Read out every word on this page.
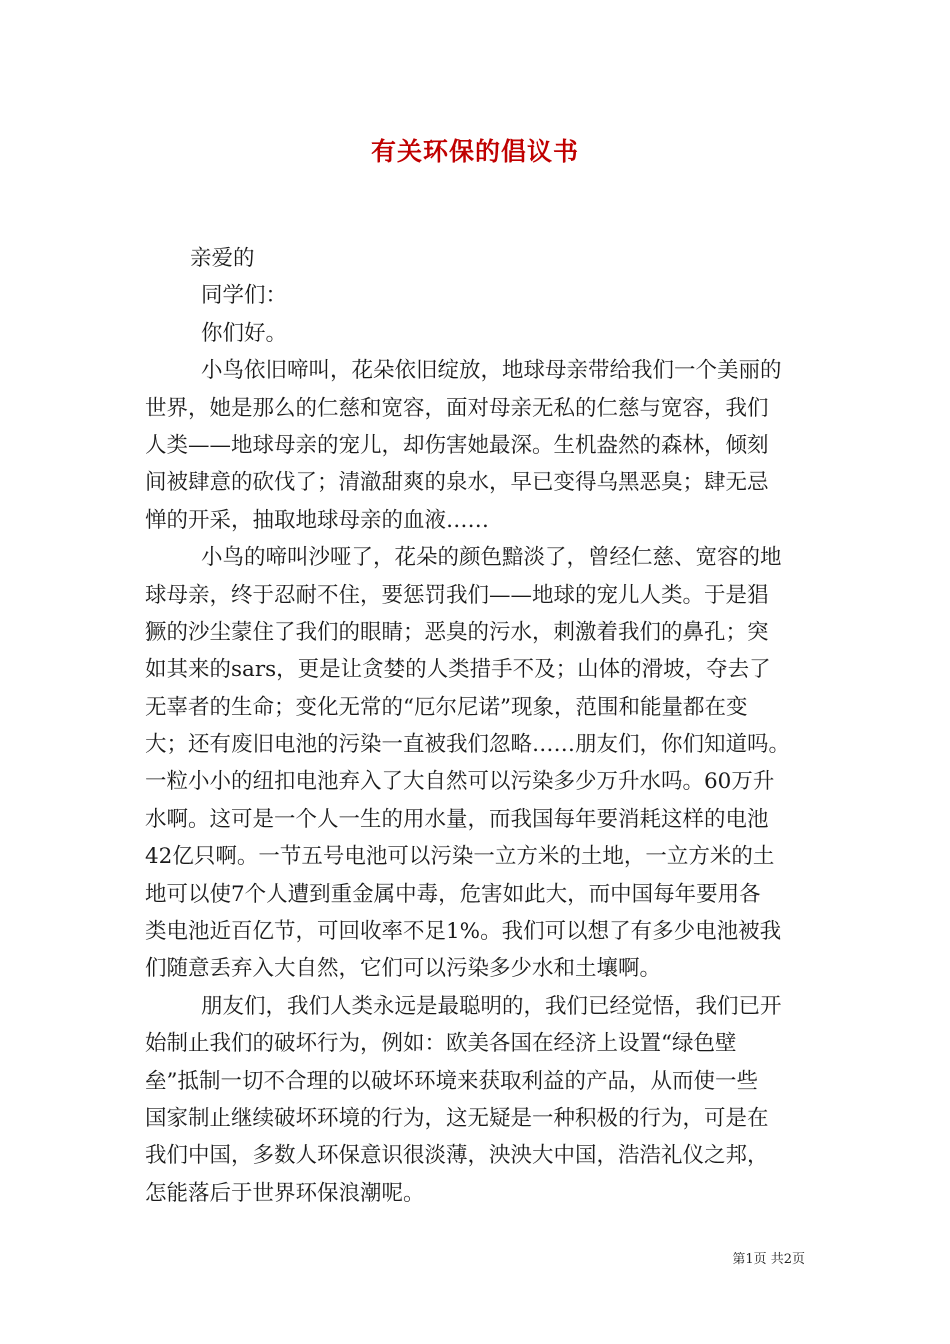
有关环保的倡议书
亲爱的
同学们：
你们好。
小鸟依旧啼叫，花朵依旧绽放，地球母亲带给我们一个美丽的
世界，她是那么的仁慈和宽容，面对母亲无私的仁慈与宽容，我们
人类——地球母亲的宠儿，却伤害她最深。生机盎然的森林，倾刻
间被肆意的砍伐了；清澈甜爽的泉水，早已变得乌黑恶臭；肆无忌
惮的开采，抽取地球母亲的血液……
小鸟的啼叫沙哑了，花朵的颜色黯淡了，曾经仁慈、宽容的地
球母亲，终于忍耐不住，要惩罚我们——地球的宠儿人类。于是猖
獗的沙尘蒙住了我们的眼睛；恶臭的污水，刺激着我们的鼻孔；突
如其来的sars，更是让贪婪的人类措手不及；山体的滑坡，夺去了
无辜者的生命；变化无常的“厄尔尼诺”现象，范围和能量都在变
大；还有废旧电池的污染一直被我们忽略……朋友们，你们知道吗。
一粒小小的纽扣电池弃入了大自然可以污染多少万升水吗。60万升
水啊。这可是一个人一生的用水量，而我国每年要消耗这样的电池
42亿只啊。一节五号电池可以污染一立方米的土地，一立方米的土
地可以使7个人遭到重金属中毒，危害如此大，而中国每年要用各
类电池近百亿节，可回收率不足1%。我们可以想了有多少电池被我
们随意丢弃入大自然，它们可以污染多少水和土壤啊。
朋友们，我们人类永远是最聪明的，我们已经觉悟，我们已开
始制止我们的破坏行为，例如：欧美各国在经济上设置“绿色壁
垒”抵制一切不合理的以破坏环境来获取利益的产品，从而使一些
国家制止继续破坏环境的行为，这无疑是一种积极的行为，可是在
我们中国，多数人环保意识很淡薄，泱泱大中国，浩浩礼仪之邦，
怎能落后于世界环保浪潮呢。
第1页 共2页
